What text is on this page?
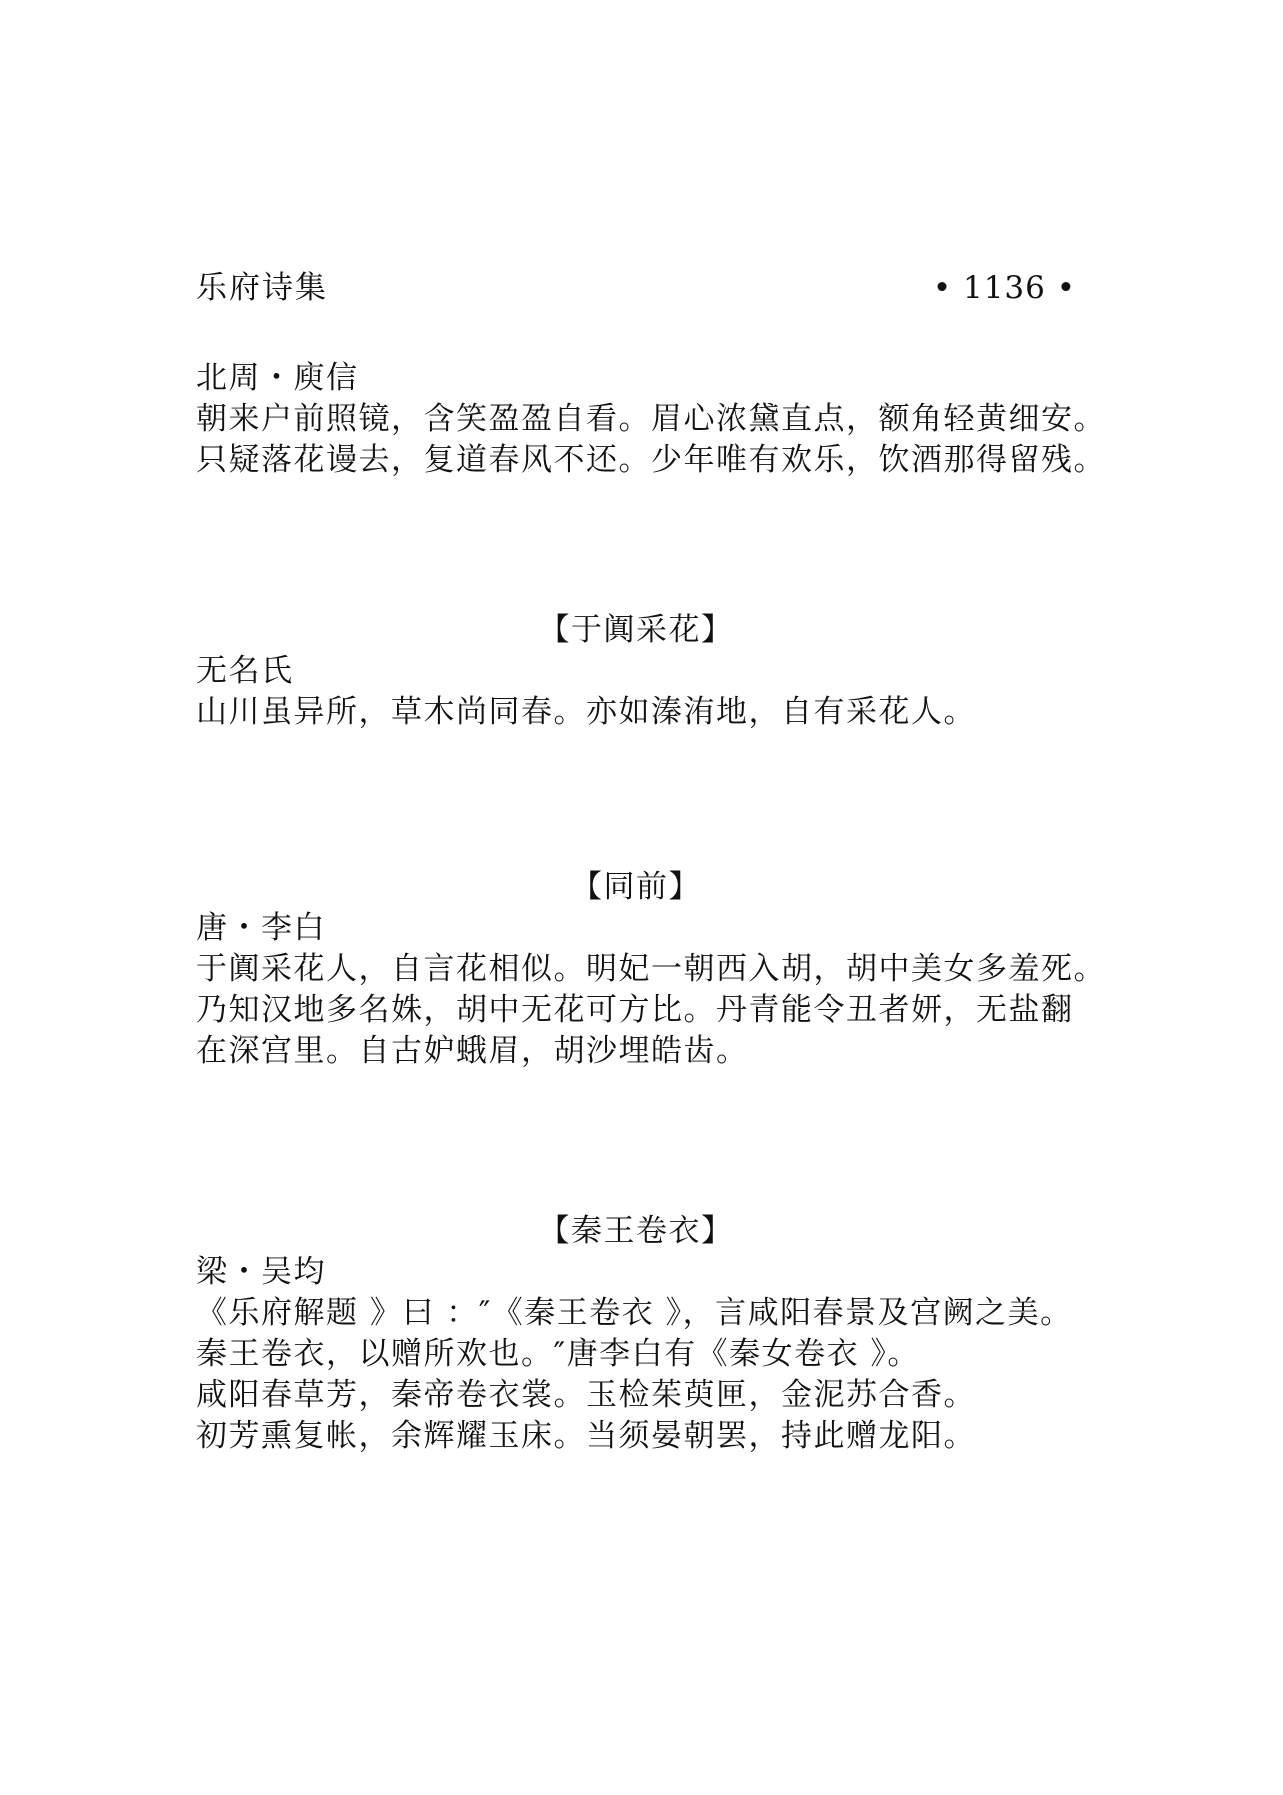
乐府诗集	• 1136 •
北周・庾信
朝来户前照镜，含笑盈盈自看。眉心浓黛直点，额角轻黄细安。
只疑落花谩去，复道春风不还。少年唯有欢乐，饮酒那得留残。
【于阗采花】
无名氏
山川虽异所，草木尚同春。亦如溱洧地，自有采花人。
【同前】
唐・李白
于阗采花人，自言花相似。明妃一朝西入胡，胡中美女多羞死。
乃知汉地多名姝，胡中无花可方比。丹青能令丑者妍，无盐翻
在深宫里。自古妒蛾眉，胡沙埋皓齿。
【秦王卷衣】
梁・吴均
《乐府解题 》曰 ：″《秦王卷衣 》，言咸阳春景及宫阙之美。
秦王卷衣，以赠所欢也。″唐李白有《秦女卷衣 》。
咸阳春草芳，秦帝卷衣裳。玉检茱萸匣，金泥苏合香。
初芳熏复帐，余辉耀玉床。当须晏朝罢，持此赠龙阳。
